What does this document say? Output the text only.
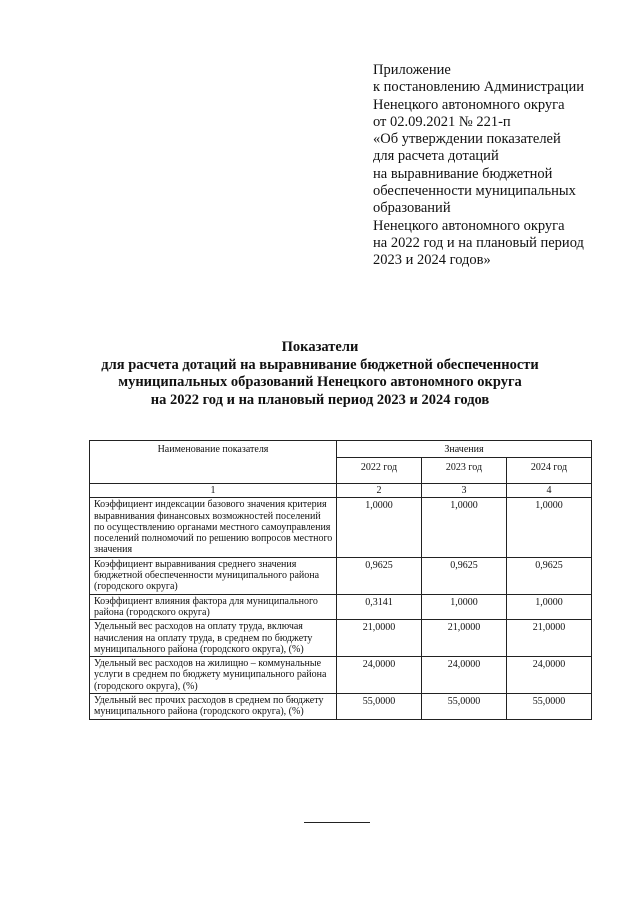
Приложение
к постановлению Администрации
Ненецкого автономного округа
от 02.09.2021 № 221-п
«Об утверждении показателей
для расчета дотаций
на выравнивание бюджетной
обеспеченности муниципальных
образований
Ненецкого автономного округа
на 2022 год и на плановый период
2023 и 2024 годов»
Показатели
для расчета дотаций на выравнивание бюджетной обеспеченности
муниципальных образований Ненецкого автономного округа
на 2022 год и на плановый период 2023 и 2024 годов
Наименование показателя	Значения		
	2022 год	2023 год	2024 год
1	2	3	4
Коэффициент индексации базового значения критерия выравнивания финансовых возможностей поселений по осуществлению органами местного самоуправления поселений полномочий по решению вопросов местного значения	1,0000	1,0000	1,0000
Коэффициент выравнивания среднего значения бюджетной обеспеченности муниципального района (городского округа)	0,9625	0,9625	0,9625
Коэффициент влияния фактора для муниципального района (городского округа)	0,3141	1,0000	1,0000
Удельный вес расходов на оплату труда, включая начисления на оплату труда, в среднем по бюджету муниципального района (городского округа), (%)	21,0000	21,0000	21,0000
Удельный вес расходов на жилищно – коммунальные услуги в среднем по бюджету муниципального района (городского округа), (%)	24,0000	24,0000	24,0000
Удельный вес прочих расходов в среднем по бюджету муниципального района (городского округа), (%)	55,0000	55,0000	55,0000
